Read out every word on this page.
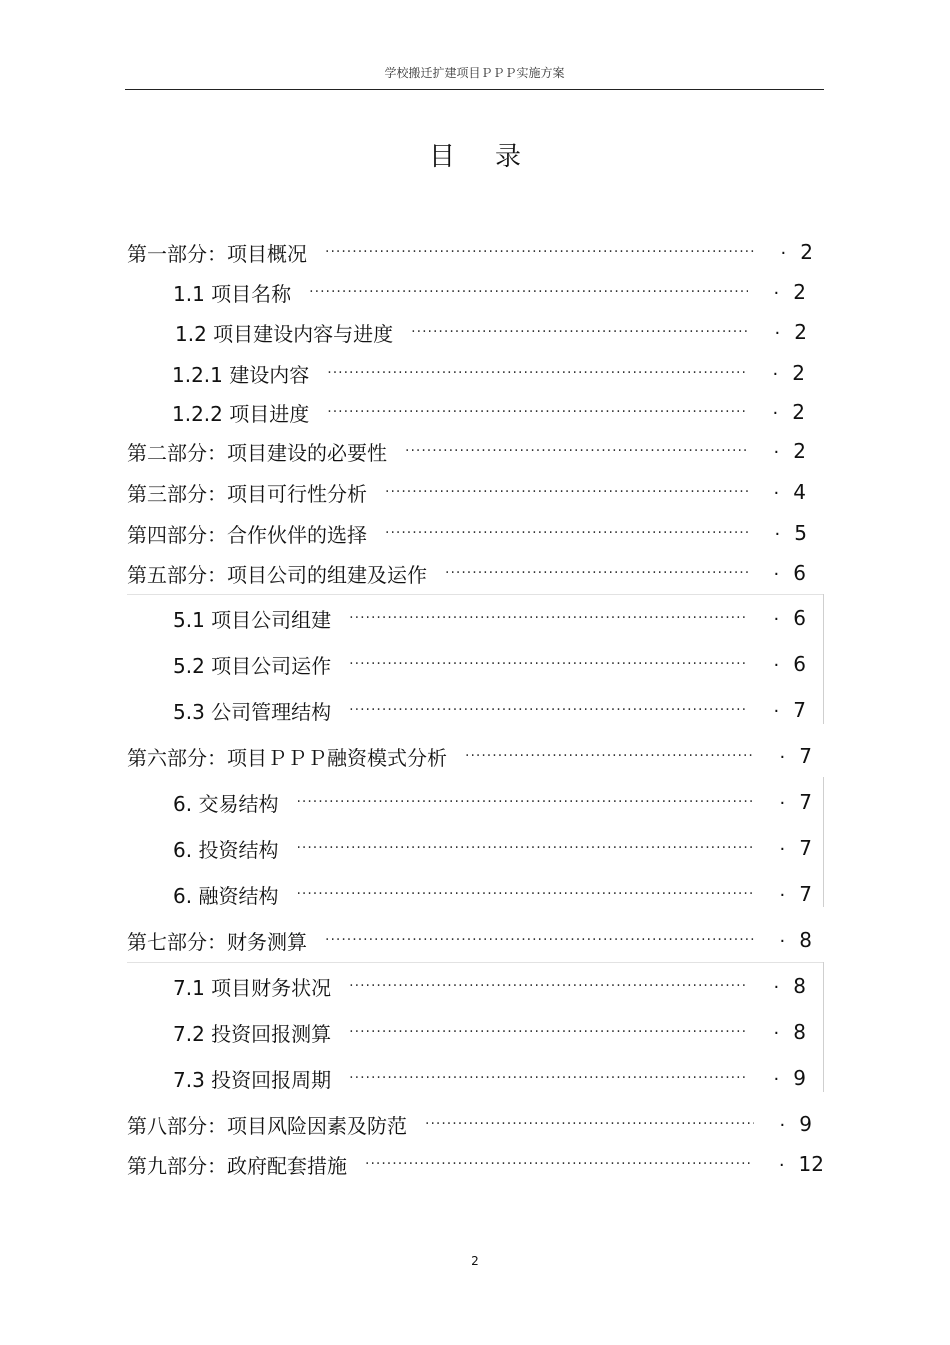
学校搬迁扩建项目ＰＰＰ实施方案
目录
第一部分：项目概况 ·····	· 2
1.1 项目名称 ·····	· 2
1.2 项目建设内容与进度 ·····	· 2
1.2.1 建设内容 ·····	· 2
1.2.2 项目进度 ·····	· 2
第二部分：项目建设的必要性 ·····	· 2
第三部分：项目可行性分析 ·····	· 4
第四部分：合作伙伴的选择 ·····	· 5
第五部分：项目公司的组建及运作 ·····	· 6
5.1 项目公司组建 ·····	· 6
5.2 项目公司运作 ·····	· 6
5.3 公司管理结构 ·····	· 7
第六部分：项目ＰＰＰ融资模式分析 ·····	· 7
6. 交易结构 ·····	· 7
6. 投资结构 ·····	· 7
6. 融资结构 ·····	· 7
第七部分：财务测算 ·····	· 8
7.1 项目财务状况 ·····	· 8
7.2 投资回报测算 ·····	· 8
7.3 投资回报周期 ·····	· 9
第八部分：项目风险因素及防范 ·····	· 9
第九部分：政府配套措施 ·····	· 12
2
